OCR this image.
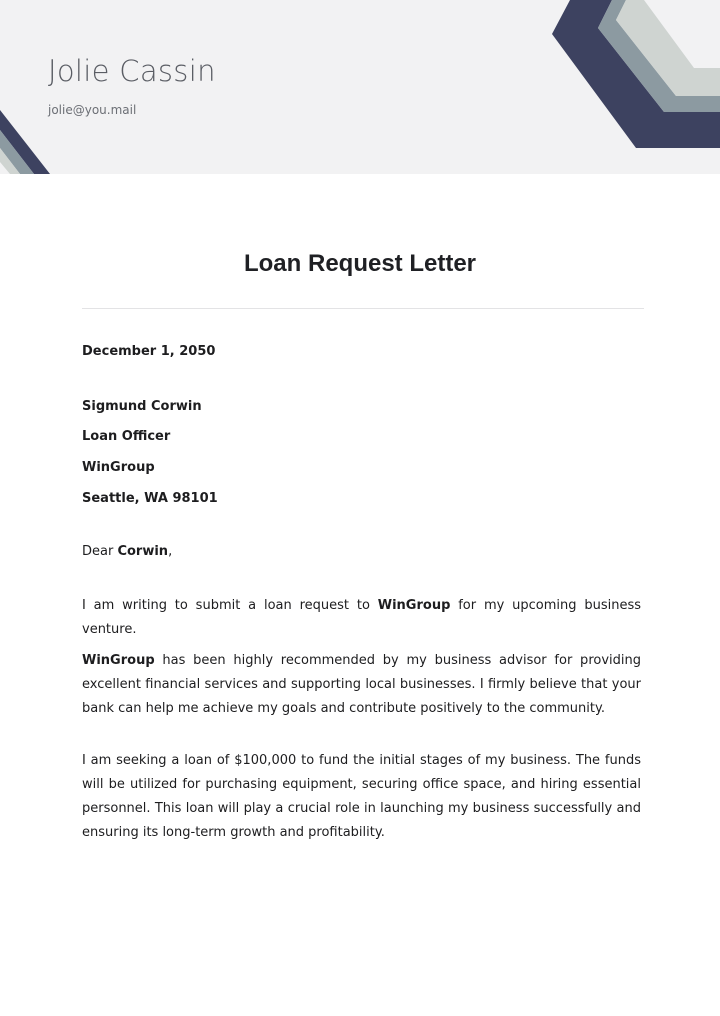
Jolie Cassin
jolie@you.mail
Loan Request Letter
December 1, 2050
Sigmund Corwin
Loan Officer
WinGroup
Seattle, WA 98101
Dear Corwin,
I am writing to submit a loan request to WinGroup for my upcoming business venture.
WinGroup has been highly recommended by my business advisor for providing excellent financial services and supporting local businesses. I firmly believe that your bank can help me achieve my goals and contribute positively to the community.
I am seeking a loan of $100,000 to fund the initial stages of my business. The funds will be utilized for purchasing equipment, securing office space, and hiring essential personnel. This loan will play a crucial role in launching my business successfully and ensuring its long-term growth and profitability.
